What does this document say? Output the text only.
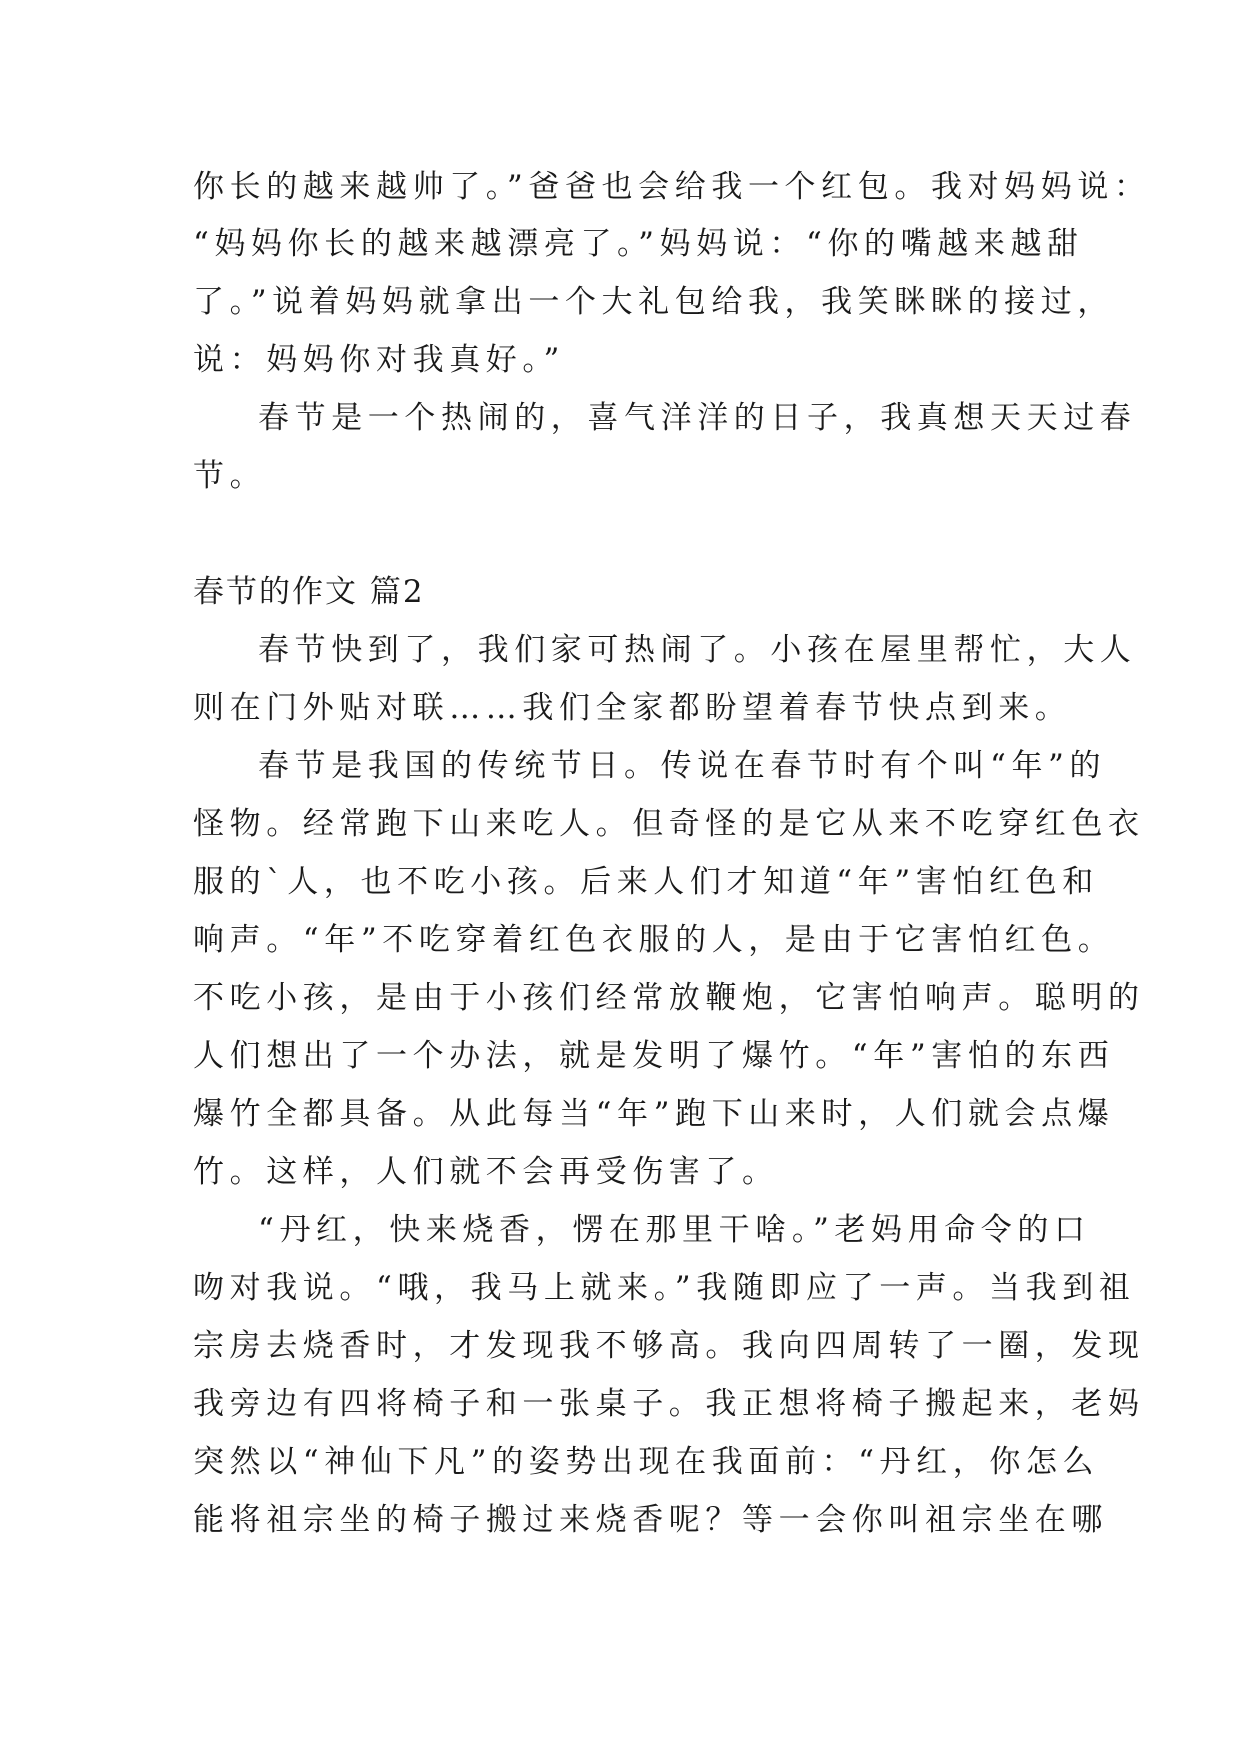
你长的越来越帅了。”爸爸也会给我一个红包。我对妈妈说：
“妈妈你长的越来越漂亮了。”妈妈说：“你的嘴越来越甜
了。”说着妈妈就拿出一个大礼包给我，我笑眯眯的接过，
说：妈妈你对我真好。”
春节是一个热闹的，喜气洋洋的日子，我真想天天过春
节。
春节的作文 篇2
春节快到了，我们家可热闹了。小孩在屋里帮忙，大人
则在门外贴对联……我们全家都盼望着春节快点到来。
春节是我国的传统节日。传说在春节时有个叫“年”的
怪物。经常跑下山来吃人。但奇怪的是它从来不吃穿红色衣
服的`人，也不吃小孩。后来人们才知道“年”害怕红色和
响声。“年”不吃穿着红色衣服的人，是由于它害怕红色。
不吃小孩，是由于小孩们经常放鞭炮，它害怕响声。聪明的
人们想出了一个办法，就是发明了爆竹。“年”害怕的东西
爆竹全都具备。从此每当“年”跑下山来时，人们就会点爆
竹。这样，人们就不会再受伤害了。
“丹红，快来烧香，愣在那里干啥。”老妈用命令的口
吻对我说。“哦，我马上就来。”我随即应了一声。当我到祖
宗房去烧香时，才发现我不够高。我向四周转了一圈，发现
我旁边有四将椅子和一张桌子。我正想将椅子搬起来，老妈
突然以“神仙下凡”的姿势出现在我面前：“丹红，你怎么
能将祖宗坐的椅子搬过来烧香呢？等一会你叫祖宗坐在哪
